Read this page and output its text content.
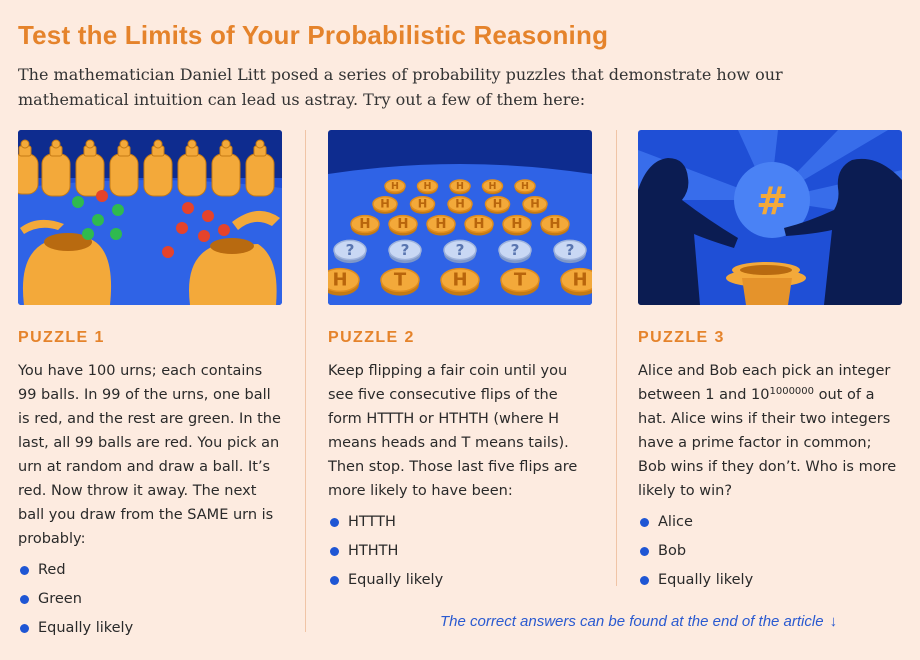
Test the Limits of Your Probabilistic Reasoning
The mathematician Daniel Litt posed a series of probability puzzles that demonstrate how our mathematical intuition can lead us astray. Try out a few of them here:
PUZZLE 1
You have 100 urns; each contains 99 balls. In 99 of the urns, one ball is red, and the rest are green. In the last, all 99 balls are red. You pick an urn at random and draw a ball. It’s red. Now throw it away. The next ball you draw from the SAME urn is probably:
Red
Green
Equally likely
H	H	H	H	H
H H H H H
H H H H H H
?	?	?	?	?
H	T	H	T	H
PUZZLE 2
Keep flipping a fair coin until you see five consecutive flips of the form HTTTH or HTHTH (where H means heads and T means tails). Then stop. Those last five flips are more likely to have been:
HTTTH
HTHTH
Equally likely
#
PUZZLE 3
Alice and Bob each pick an integer between 1 and $10^{1000000}$ out of a hat. Alice wins if their two integers have a prime factor in common; Bob wins if they don’t. Who is more likely to win?
Alice
Bob
Equally likely
The correct answers can be found at the end of the article ↓
